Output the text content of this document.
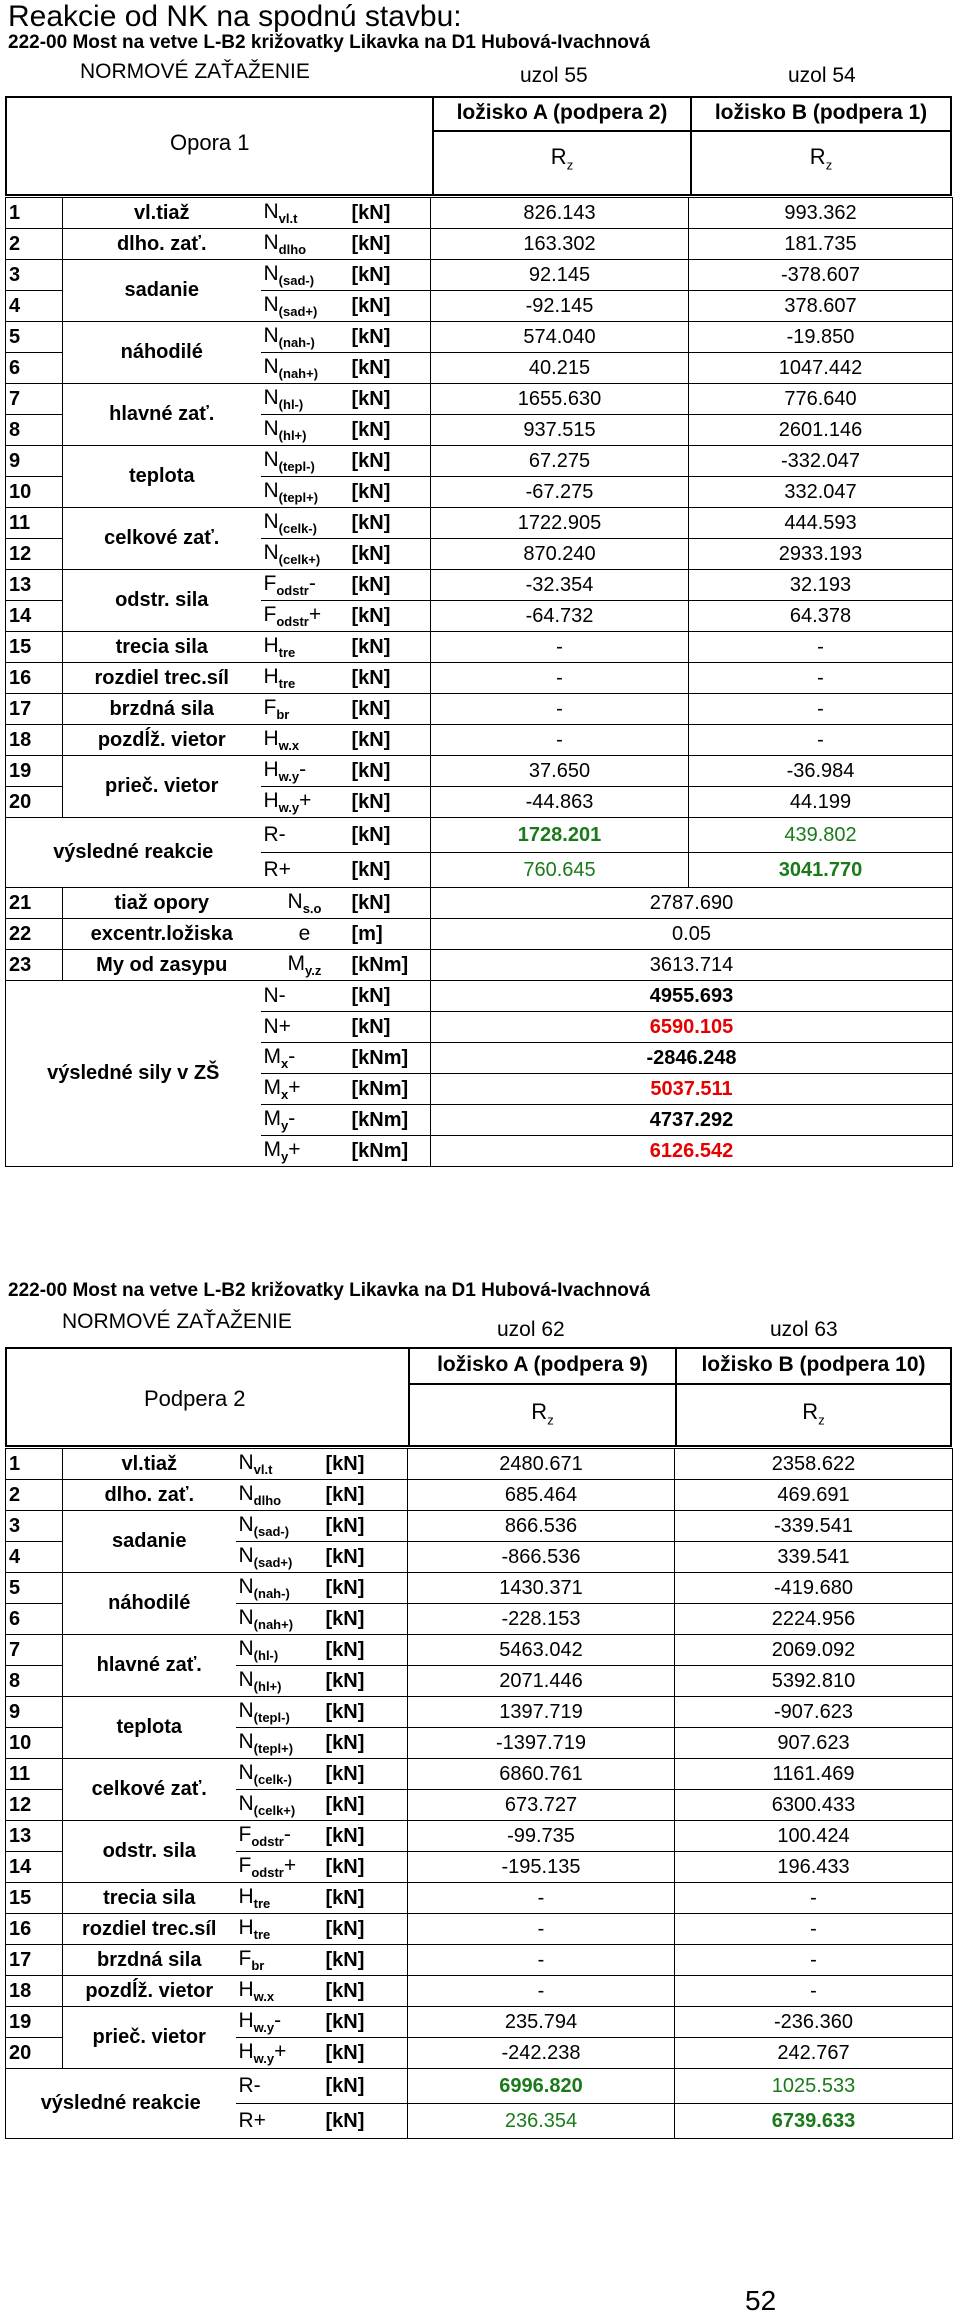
Reakcie od NK na spodnú stavbu:
222-00 Most na vetve L-B2 križovatky Likavka na D1 Hubová-Ivachnová
NORMOVÉ ZAŤAŽENIE	uzol 55	uzol 54
Opora 1
ložisko A (podpera 2)	ložisko B (podpera 1)
$R_z$	$R_z$
1	vl.tiaž	$N_{vl.t}$	[kN]	826.143	993.362
2	dlho. zať.	$N_{dlho}$	[kN]	163.302	181.735
3	sadanie	$N_{(sad-)}$	[kN]	92.145	-378.607
4		$N_{(sad+)}$	[kN]	-92.145	378.607
5	náhodilé	$N_{(nah-)}$	[kN]	574.040	-19.850
6		$N_{(nah+)}$	[kN]	40.215	1047.442
7	hlavné zať.	$N_{(hl-)}$	[kN]	1655.630	776.640
8		$N_{(hl+)}$	[kN]	937.515	2601.146
9	teplota	$N_{(tepl-)}$	[kN]	67.275	-332.047
10		$N_{(tepl+)}$	[kN]	-67.275	332.047
11	celkové zať.	$N_{(celk-)}$	[kN]	1722.905	444.593
12		$N_{(celk+)}$	[kN]	870.240	2933.193
13	odstr. sila	$F_{odstr}-$	[kN]	-32.354	32.193
14		$F_{odstr}+$	[kN]	-64.732	64.378
15	trecia sila	$H_{tre}$	[kN]	-	-
16	rozdiel trec.síl	$H_{tre}$	[kN]	-	-
17	brzdná sila	$F_{br}$	[kN]	-	-
18	pozdĺž. vietor	$H_{w.x}$	[kN]	-	-
19	prieč. vietor	$H_{w.y}-$	[kN]	37.650	-36.984
20		$H_{w.y}+$	[kN]	-44.863	44.199
výsledné reakcie		R-	[kN]	1728.201	439.802
		R+	[kN]	760.645	3041.770
21	tiaž opory	$N_{s.o}$	[kN]	2787.690	
22	excentr.ložiska	e	[m]	0.05	
23	My od zasypu	$M_{y.z}$	[kNm]	3613.714	
výsledné sily v ZŠ		N-	[kN]	4955.693	
		N+	[kN]	6590.105	
		$M_x-$	[kNm]	-2846.248	
		$M_x+$	[kNm]	5037.511	
		$M_y-$	[kNm]	4737.292	
		$M_y+$	[kNm]	6126.542	
222-00 Most na vetve L-B2 križovatky Likavka na D1 Hubová-Ivachnová
NORMOVÉ ZAŤAŽENIE	uzol 62	uzol 63
Podpera 2
ložisko A (podpera 9)	ložisko B (podpera 10)
$R_z$	$R_z$
1	vl.tiaž	$N_{vl.t}$	[kN]	2480.671	2358.622
2	dlho. zať.	$N_{dlho}$	[kN]	685.464	469.691
3	sadanie	$N_{(sad-)}$	[kN]	866.536	-339.541
4		$N_{(sad+)}$	[kN]	-866.536	339.541
5	náhodilé	$N_{(nah-)}$	[kN]	1430.371	-419.680
6		$N_{(nah+)}$	[kN]	-228.153	2224.956
7	hlavné zať.	$N_{(hl-)}$	[kN]	5463.042	2069.092
8		$N_{(hl+)}$	[kN]	2071.446	5392.810
9	teplota	$N_{(tepl-)}$	[kN]	1397.719	-907.623
10		$N_{(tepl+)}$	[kN]	-1397.719	907.623
11	celkové zať.	$N_{(celk-)}$	[kN]	6860.761	1161.469
12		$N_{(celk+)}$	[kN]	673.727	6300.433
13	odstr. sila	$F_{odstr}-$	[kN]	-99.735	100.424
14		$F_{odstr}+$	[kN]	-195.135	196.433
15	trecia sila	$H_{tre}$	[kN]	-	-
16	rozdiel trec.síl	$H_{tre}$	[kN]	-	-
17	brzdná sila	$F_{br}$	[kN]	-	-
18	pozdĺž. vietor	$H_{w.x}$	[kN]	-	-
19	prieč. vietor	$H_{w.y}-$	[kN]	235.794	-236.360
20		$H_{w.y}+$	[kN]	-242.238	242.767
výsledné reakcie		R-	[kN]	6996.820	1025.533
		R+	[kN]	236.354	6739.633
52
